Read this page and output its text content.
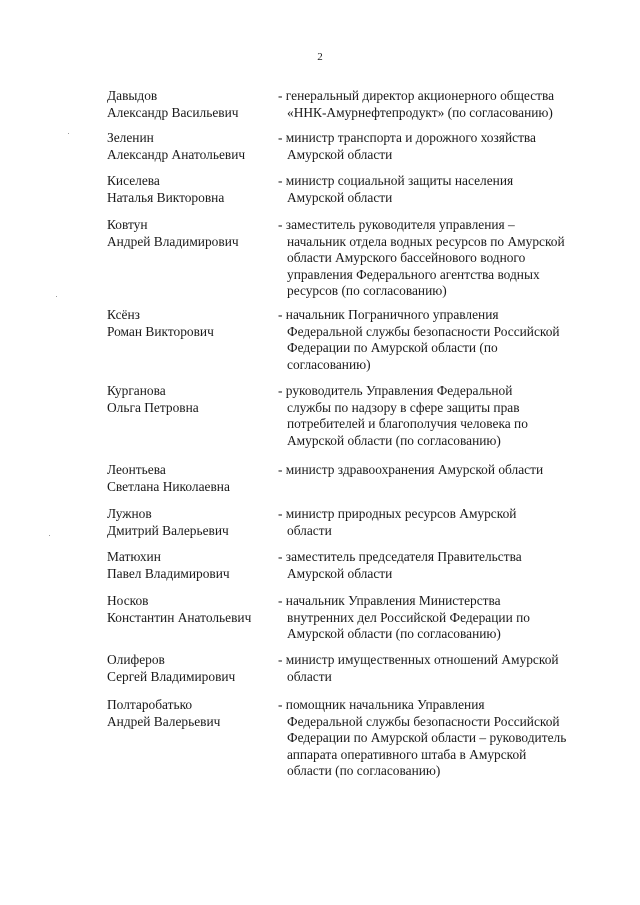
2
Давыдов
Александр Васильевич
- генеральный директор акционерного общества
«ННК-Амурнефтепродукт» (по согласованию)
Зеленин
Александр Анатольевич
- министр транспорта и дорожного хозяйства
Амурской области
Киселева
Наталья Викторовна
- министр социальной защиты населения
Амурской области
Ковтун
Андрей Владимирович
- заместитель руководителя управления –
начальник отдела водных ресурсов по Амурской
области Амурского бассейнового водного
управления Федерального агентства водных
ресурсов (по согласованию)
Ксёнз
Роман Викторович
- начальник Пограничного управления
Федеральной службы безопасности Российской
Федерации по Амурской области (по
согласованию)
Курганова
Ольга Петровна
- руководитель Управления Федеральной
службы по надзору в сфере защиты прав
потребителей и благополучия человека по
Амурской области (по согласованию)
Леонтьева
Светлана Николаевна
- министр здравоохранения Амурской области
Лужнов
Дмитрий Валерьевич
- министр природных ресурсов Амурской
области
Матюхин
Павел Владимирович
- заместитель председателя Правительства
Амурской области
Носков
Константин Анатольевич
- начальник Управления Министерства
внутренних дел Российской Федерации по
Амурской области (по согласованию)
Олиферов
Сергей Владимирович
- министр имущественных отношений Амурской
области
Полтаробатько
Андрей Валерьевич
- помощник начальника Управления
Федеральной службы безопасности Российской
Федерации по Амурской области – руководитель
аппарата оперативного штаба в Амурской
области (по согласованию)
